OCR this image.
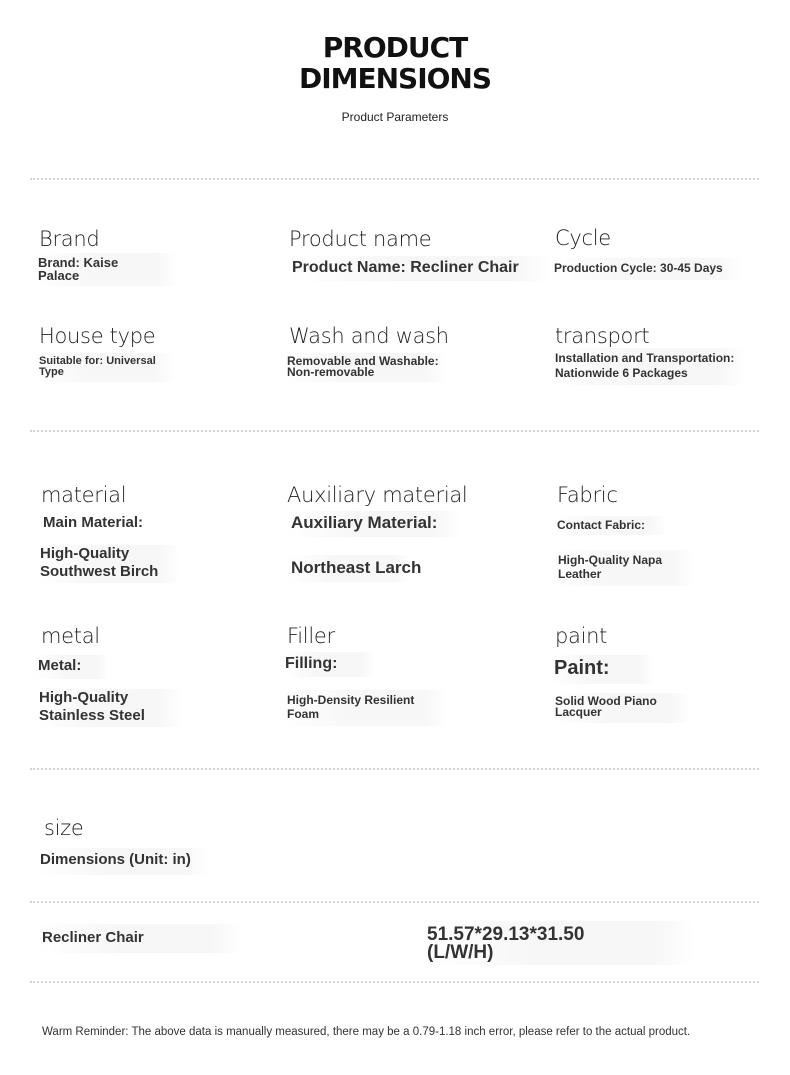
PRODUCT
DIMENSIONS
Product Parameters
Brand
Brand: Kaise
Palace
Product name
Product Name: Recliner Chair
Cycle
Production Cycle: 30-45 Days
House type
Suitable for: Universal
Type
Wash and wash
Removable and Washable:
Non-removable
transport
Installation and Transportation:
Nationwide 6 Packages
material
Main Material:
High-Quality
Southwest Birch
Auxiliary material
Auxiliary Material:
Northeast Larch
Fabric
Contact Fabric:
High-Quality Napa
Leather
metal
Metal:
High-Quality
Stainless Steel
Filler
Filling:
High-Density Resilient
Foam
paint
Paint:
Solid Wood Piano
Lacquer
size
Dimensions (Unit: in)
Recliner Chair	51.57*29.13*31.50
(L/W/H)
Warm Reminder: The above data is manually measured, there may be a 0.79-1.18 inch error, please refer to the actual product.
